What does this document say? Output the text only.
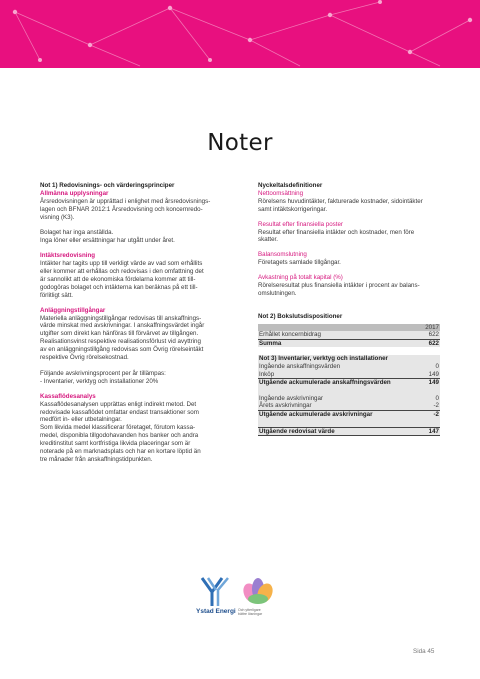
Noter
Not 1) Redovisnings- och värderingsprinciper
Allmänna upplysningar

Årsredovisningen är upprättad i enlighet med årsredovisnings-

lagen och BFNAR 2012:1 Årsredovisning och koncernredo-

visning (K3).

Bolaget har inga anställda.

Inga löner eller ersättningar har utgått under året.

Intäktsredovisning

Intäkter har tagits upp till verkligt värde av vad som erhållits

eller kommer att erhållas och redovisas i den omfattning det

är sannolikt att de ekonomiska fördelarna kommer att till-

godogöras bolaget och intäkterna kan beräknas på ett till-

förlitligt sätt.

Anläggningstillgångar

Materiella anläggningstillgångar redovisas till anskaffnings-

värde minskat med avskrivningar. I anskaffningsvärdet ingår

utgifter som direkt kan hänföras till förvärvet av tillgången.

Realisationsvinst respektive realisationsförlust vid avyttring

av en anläggningstillgång redovisas som Övrig rörelseintäkt

respektive Övrig rörelsekostnad.

Följande avskrivningsprocent per år tillämpas:

- Inventarier, verktyg och installationer 20%

Kassaflödesanalys

Kassaflödesanalysen upprättas enligt indirekt metod. Det

redovisade kassaflödet omfattar endast transaktioner som

medfört in- eller utbetalningar.

Som likvida medel klassificerar företaget, förutom kassa-

medel, disponibla tillgodohavanden hos banker och andra

kreditinstitut samt kortfristiga likvida placeringar som är

noterade på en marknadsplats och har en kortare löptid än

tre månader från anskaffningstidpunkten.

Nyckeltalsdefinitioner
Nettoomsättning

Rörelsens huvudintäkter, fakturerade kostnader, sidointäkter

samt intäktskorrigeringar.

Resultat efter finansiella poster

Resultat efter finansiella intäkter och kostnader, men före

skatter.

Balansomslutning

Företagets samlade tillgångar.

Avkastning på totalt kapital (%)

Rörelseresultat plus finansiella intäkter i procent av balans-

omslutningen.

Not 2) Bokslutsdispositioner
	2017
Erhållet koncernbidrag	622
Summa	622
Not 3) Inventarier, verktyg och installationer	
Ingående anskaffningsvärden	0
Inköp	149
Utgående ackumulerade anskaffningsvärden	149

Ingående avskrivningar	0
Årets avskrivningar	-2
Utgående ackumulerade avskrivningar	-2

Utgående redovisat värde	147
Ystad Energi Och ytterligare bättre lösningar
Sida 45
